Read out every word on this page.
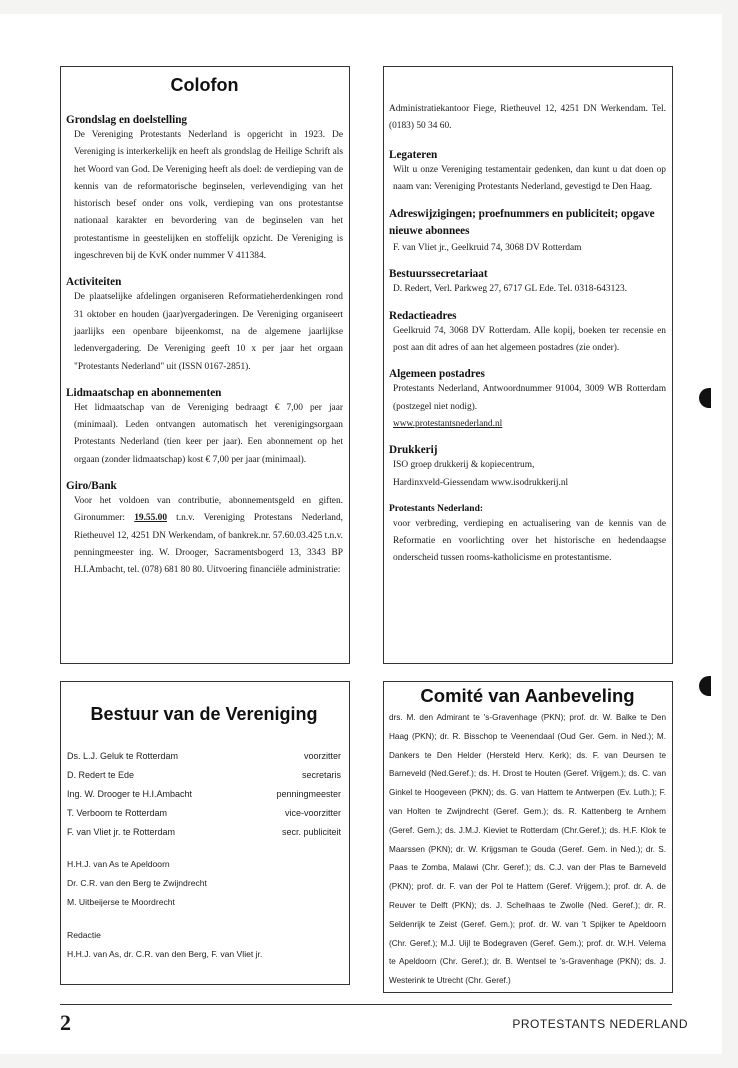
Colofon
Grondslag en doelstelling

De Vereniging Protestants Nederland is opgericht in 1923. De Vereniging is interkerkelijk en heeft als grondslag de Heilige Schrift als het Woord van God. De Vereniging heeft als doel: de verdieping van de kennis van de reformatorische beginselen, verlevendiging van het historisch besef onder ons volk, verdieping van ons protestantse nationaal karakter en bevordering van de beginselen van het protestantisme in geestelijken en stoffelijk opzicht. De Vereniging is ingeschreven bij de KvK onder nummer V 411384.

Activiteiten

De plaatselijke afdelingen organiseren Reformatieherdenkingen rond 31 oktober en houden (jaar)vergaderingen. De Vereniging organiseert jaarlijks een openbare bijeenkomst, na de algemene jaarlijkse ledenvergadering. De Vereniging geeft 10 x per jaar het orgaan "Protestants Nederland" uit (ISSN 0167-2851).

Lidmaatschap en abonnementen

Het lidmaatschap van de Vereniging bedraagt € 7,00 per jaar (minimaal). Leden ontvangen automatisch het verenigingsorgaan Protestants Nederland (tien keer per jaar). Een abonnement op het orgaan (zonder lidmaatschap) kost € 7,00 per jaar (minimaal).

Giro/Bank

Voor het voldoen van contributie, abonnementsgeld en giften. Gironummer: 19.55.00 t.n.v. Vereniging Protestans Nederland, Rietheuvel 12, 4251 DN Werkendam, of bankrek.nr. 57.60.03.425 t.n.v. penningmeester ing. W. Drooger, Sacramentsbogerd 13, 3343 BP H.I.Ambacht, tel. (078) 681 80 80. Uitvoering financiële administratie:

Administratiekantoor Fiege, Rietheuvel 12, 4251 DN Werkendam. Tel. (0183) 50 34 60.

Legateren

Wilt u onze Vereniging testamentair gedenken, dan kunt u dat doen op naam van: Vereniging Protestants Nederland, gevestigd te Den Haag.

Adreswijzigingen; proefnummers en publiciteit; opgave nieuwe abonnees

F. van Vliet jr., Geelkruid 74, 3068 DV Rotterdam

Bestuurssecretariaat

D. Redert, Verl. Parkweg 27, 6717 GL Ede. Tel. 0318-643123.

Redactieadres

Geelkruid 74, 3068 DV Rotterdam. Alle kopij, boeken ter recensie en post aan dit adres of aan het algemeen postadres (zie onder).

Algemeen postadres

Protestants Nederland, Antwoordnummer 91004, 3009 WB Rotterdam (postzegel niet nodig).

www.protestantsnederland.nl

Drukkerij

ISO groep drukkerij & kopiecentrum,

Hardinxveld-Giessendam www.isodrukkerij.nl

Protestants Nederland:

voor verbreding, verdieping en actualisering van de kennis van de Reformatie en voorlichting over het historische en hedendaagse onderscheid tussen rooms-katholicisme en protestantisme.

Bestuur van de Vereniging
Ds. L.J. Geluk te Rotterdam	voorzitter
D. Redert te Ede	secretaris
Ing. W. Drooger te H.I.Ambacht	penningmeester
T. Verboom te Rotterdam	vice-voorzitter
F. van Vliet jr. te Rotterdam	secr. publiciteit
H.H.J. van As te Apeldoorn
Dr. C.R. van den Berg te Zwijndrecht
M. Uitbeijerse te Moordrecht
Redactie
H.H.J. van As, dr. C.R. van den Berg, F. van Vliet jr.
Comité van Aanbeveling
drs. M. den Admirant te 's-Gravenhage (PKN); prof. dr. W. Balke te Den Haag (PKN); dr. R. Bisschop te Veenendaal (Oud Ger. Gem. in Ned.); M. Dankers te Den Helder (Hersteld Herv. Kerk); ds. F. van Deursen te Barneveld (Ned.Geref.); ds. H. Drost te Houten (Geref. Vrijgem.); ds. C. van Ginkel te Hoogeveen (PKN); ds. G. van Hattem te Antwerpen (Ev. Luth.); F. van Holten te Zwijndrecht (Geref. Gem.); ds. R. Kattenberg te Arnhem (Geref. Gem.); ds. J.M.J. Kieviet te Rotterdam (Chr.Geref.); ds. H.F. Klok te Maarssen (PKN); dr. W. Krijgsman te Gouda (Geref. Gem. in Ned.); dr. S. Paas te Zomba, Malawi (Chr. Geref.); ds. C.J. van der Plas te Barneveld (PKN); prof. dr. F. van der Pol te Hattem (Geref. Vrijgem.); prof. dr. A. de Reuver te Delft (PKN); ds. J. Schelhaas te Zwolle (Ned. Geref.); dr. R. Seldenrijk te Zeist (Geref. Gem.); prof. dr. W. van 't Spijker te Apeldoorn (Chr. Geref.); M.J. Uijl te Bodegraven (Geref. Gem.); prof. dr. W.H. Velema te Apeldoorn (Chr. Geref.); dr. B. Wentsel te 's-Gravenhage (PKN); ds. J. Westerink te Utrecht (Chr. Geref.)
2	PROTESTANTS NEDERLAND
